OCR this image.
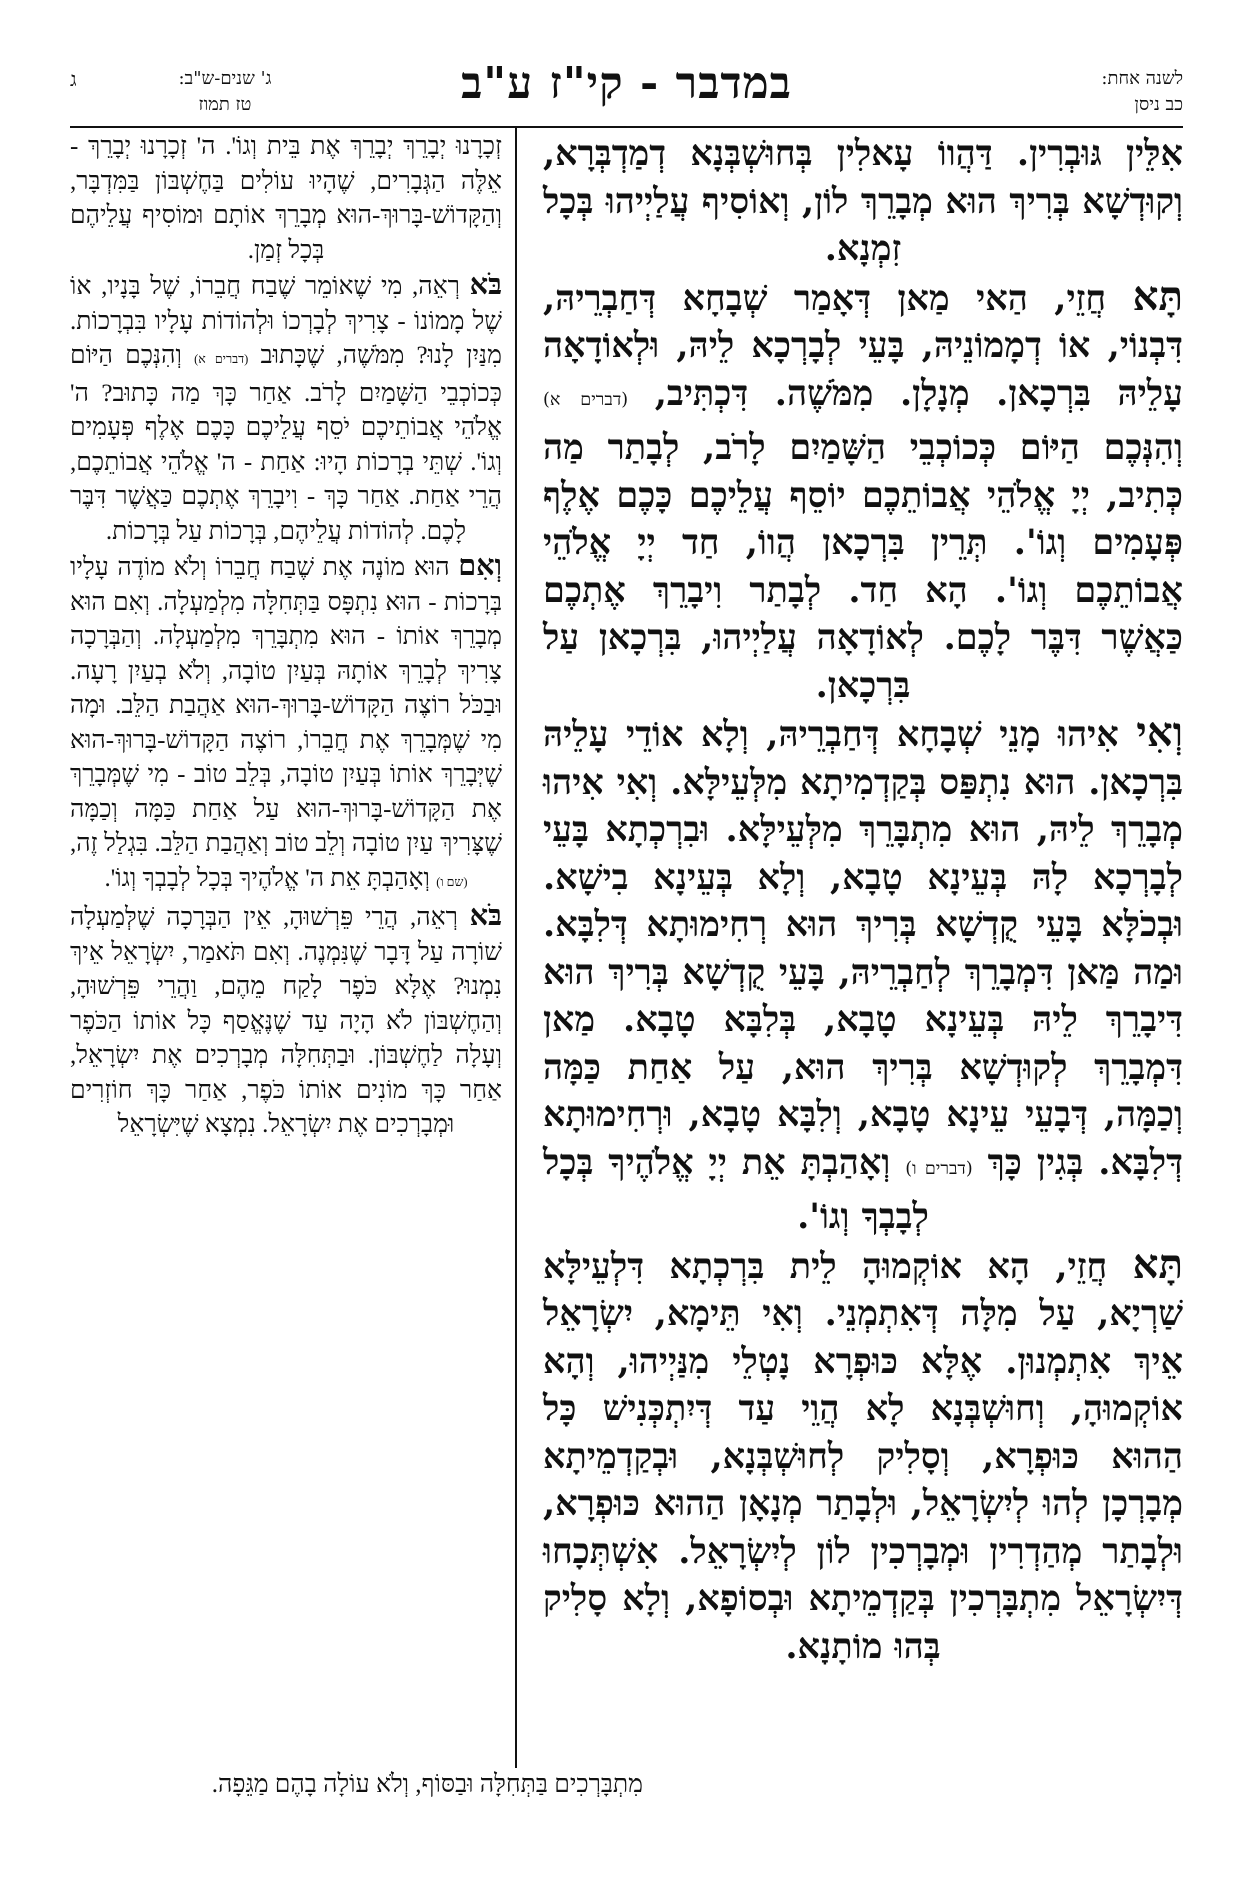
לשנה אחת:
כב ניסן
במדבר - קי"ז ע"ב
ג	ג' שנים-ש"ב:
טז תמוז

אִלֵּין גּוּבְרִין. דַּהֲווֹ עָאלִין בְּחוּשְׁבְּנָא דְמַדְבְּרָא, וְקוּדְשָׁא בְּרִיךְ הוּא מְבָרֵךְ לוֹן, וְאוֹסִיף עֲלַיְיהוּ בְּכָל זִמְנָא.

תָּא חֲזֵי, הַאי מַאן דְּאָמַר שְׁבָחָא דְּחַבְרֵיהּ, דִּבְנוֹי, אוֹ דְמָמוֹנֵיהּ, בָּעֵי לְבָרְכָא לֵיהּ, וּלְאוֹדָאָה עָלֵיהּ בִּרְכָאן. מְנָלָן. מִמֹּשֶׁה. דִּכְתִּיב, (דברים א) וְהִנְּכֶם הַיּוֹם כְּכוֹכְבֵי הַשָּׁמַיִם לָרֹב, לְבָתַר מַה כְּתִיב, יְיָ אֱלֹהֵי אֲבוֹתֵכֶם יוֹסֵף עֲלֵיכֶם כָּכֶם אֶלֶף פְּעָמִים וְגוֹ'. תְּרֵין בִּרְכָאן הֲווֹ, חַד יְיָ אֱלֹהֵי אֲבוֹתֵכֶם וְגוֹ'. הָא חַד. לְבָתַר וִיבָרֵךְ אֶתְכֶם כַּאֲשֶׁר דִּבֶּר לָכֶם. לְאוֹדָאָה עֲלַיְיהוּ, בִּרְכָאן עַל בִּרְכָאן.

וְאִי אִיהוּ מָנֵי שְׁבָחָא דְּחַבְרֵיהּ, וְלָא אוֹדֵי עָלֵיהּ בִּרְכָאן. הוּא נִתְפַּס בְּקַדְמִיתָא מִלְּעֵילָּא. וְאִי אִיהוּ מְבָרֵךְ לֵיהּ, הוּא מִתְבָּרֵךְ מִלְּעֵילָּא. וּבִרְכְתָא בָּעֵי לְבָרְכָא לָהּ בְּעֵינָא טָבָא, וְלָא בְּעֵינָא בִישָׁא. וּבְכֹלָּא בָּעֵי קֻדְשָׁא בְּרִיךְ הוּא רְחִימוּתָא דְּלִבָּא. וּמַה מַּאן דִּמְבָרֵךְ לְחַבְרֵיהּ, בָּעֵי קֻדְשָׁא בְּרִיךְ הוּא דִּיבָרֵךְ לֵיהּ בְּעֵינָא טָבָא, בְּלִבָּא טָבָא. מַאן דִּמְבָרֵךְ לְקוּדְשָׁא בְּרִיךְ הוּא, עַל אַחַת כַּמָּה וְכַמָּה, דְּבָעֵי עֵינָא טָבָא, וְלִבָּא טָבָא, וּרְחִימוּתָא דְּלִבָּא. בְּגִין כָּךְ (דברים ו) וְאָהַבְתָּ אֵת יְיָ אֱלֹהֶיךָ בְּכָל לְבָבְךָ וְגוֹ'.

תָּא חֲזֵי, הָא אוֹקְמוּהָ לֵית בִּרְכְתָא דִּלְעֵילָּא שַׁרְיָא, עַל מִלָּה דְּאִתְמְנֵי. וְאִי תֵּימָא, יִשְׂרָאֵל אֵיךְ אִתְמְנוּן. אֶלָּא כּוּפְרָא נָטְלֵי מִנַּיְיהוּ, וְהָא אוֹקְמוּהָ, וְחוּשְׁבְּנָא לָא הֲוֵי עַד דְּיִתְכְּנִישׁ כָּל הַהוּא כּוּפְרָא, וְסָלִיק לְחוּשְׁבְּנָא, וּבְקַדְמֵיתָא מְבָרְכָן לְהוּ לְיִשְׂרָאֵל, וּלְבָתַר מְנָאָן הַהוּא כּוּפְרָא, וּלְבָתַר מְהַדְרִין וּמְבָרְכִין לוֹן לְיִשְׂרָאֵל. אִשְׁתְּכָחוּ דְּיִשְׂרָאֵל מִתְבָּרְכִין בְּקַדְמֵיתָא וּבְסוֹפָא, וְלָא סָלִיק בְּהוּ מוֹתָנָא.

זְכָרָנוּ יְבָרֵךְ יְבָרֵךְ אֶת בֵּית וְגוֹ'. ה' זְכָרָנוּ יְבָרֵךְ - אֵלֶּה הַגְּבָרִים, שֶׁהָיוּ עוֹלִים בַּחֶשְׁבּוֹן בַּמִּדְבָּר, וְהַקָּדוֹשׁ-בָּרוּךְ-הוּא מְבָרֵךְ אוֹתָם וּמוֹסִיף עֲלֵיהֶם בְּכָל זְמַן.

בֹּא רְאֵה, מִי שֶׁאוֹמֵר שֶׁבַח חֲבֵרוֹ, שֶׁל בָּנָיו, אוֹ שֶׁל מָמוֹנוֹ - צָרִיךְ לְבָרְכוֹ וּלְהוֹדוֹת עָלָיו בִּבְרָכוֹת. מִנַּיִן לָנוּ? מִמֹּשֶׁה, שֶׁכָּתוּב (דברים א) וְהִנְּכֶם הַיּוֹם כְּכוֹכְבֵי הַשָּׁמַיִם לָרֹב. אַחַר כָּךְ מַה כָּתוּב? ה' אֱלֹהֵי אֲבוֹתֵיכֶם יֹסֵף עֲלֵיכֶם כָּכֶם אֶלֶף פְּעָמִים וְגוֹ'. שְׁתֵּי בְרָכוֹת הָיוּ: אַחַת - ה' אֱלֹהֵי אֲבוֹתֵכֶם, הֲרֵי אַחַת. אַחַר כָּךְ - וִיבָרֵךְ אֶתְכֶם כַּאֲשֶׁר דִּבֶּר לָכֶם. לְהוֹדוֹת עֲלֵיהֶם, בְּרָכוֹת עַל בְּרָכוֹת.

וְאִם הוּא מוֹנֶה אֶת שֶׁבַח חֲבֵרוֹ וְלֹא מוֹדֶה עָלָיו בְּרָכוֹת - הוּא נִתְפָּס בַּתְּחִלָּה מִלְמַעְלָה. וְאִם הוּא מְבָרֵךְ אוֹתוֹ - הוּא מִתְבָּרֵךְ מִלְמַעְלָה. וְהַבְּרָכָה צָרִיךְ לְבָרֵךְ אוֹתָהּ בְּעַיִן טוֹבָה, וְלֹא בְעַיִן רָעָה. וּבַכֹּל רוֹצֶה הַקָּדוֹשׁ-בָּרוּךְ-הוּא אַהֲבַת הַלֵּב. וּמָה מִי שֶׁמְּבָרֵךְ אֶת חֲבֵרוֹ, רוֹצֶה הַקָּדוֹשׁ-בָּרוּךְ-הוּא שֶׁיְּבָרֵךְ אוֹתוֹ בְּעַיִן טוֹבָה, בְּלֵב טוֹב - מִי שֶׁמְּבָרֵךְ אֶת הַקָּדוֹשׁ-בָּרוּךְ-הוּא עַל אַחַת כַּמָּה וְכַמָּה שֶׁצָּרִיךְ עַיִן טוֹבָה וְלֵב טוֹב וְאַהֲבַת הַלֵּב. בִּגְלַל זֶה, (שם ו) וְאָהַבְתָּ אֵת ה' אֱלֹהֶיךָ בְּכָל לְבָבְךָ וְגוֹ'.

בֹּא רְאֵה, הֲרֵי פֵּרְשׁוּהָ, אֵין הַבְּרָכָה שֶׁלְּמַעְלָה שׁוֹרָה עַל דָּבָר שֶׁנִּמְנֶה. וְאִם תֹּאמַר, יִשְׂרָאֵל אֵיךְ נִמְנוּ? אֶלָּא כֹּפֶר לָקַח מֵהֶם, וַהֲרֵי פֵּרְשׁוּהָ, וְהַחֶשְׁבּוֹן לֹא הָיָה עַד שֶׁנֶּאֱסַף כָּל אוֹתוֹ הַכֹּפֶר וְעָלָה לַחֶשְׁבּוֹן. וּבַתְּחִלָּה מְבָרְכִים אֶת יִשְׂרָאֵל, אַחַר כָּךְ מוֹנִים אוֹתוֹ כֹּפֶר, אַחַר כָּךְ חוֹזְרִים וּמְבָרְכִים אֶת יִשְׂרָאֵל. נִמְצָא שֶׁיִּשְׂרָאֵל

מִתְבָּרְכִים בַּתְּחִלָּה וּבַסּוֹף, וְלֹא עוֹלָה בָהֶם מַגֵּפָה.
